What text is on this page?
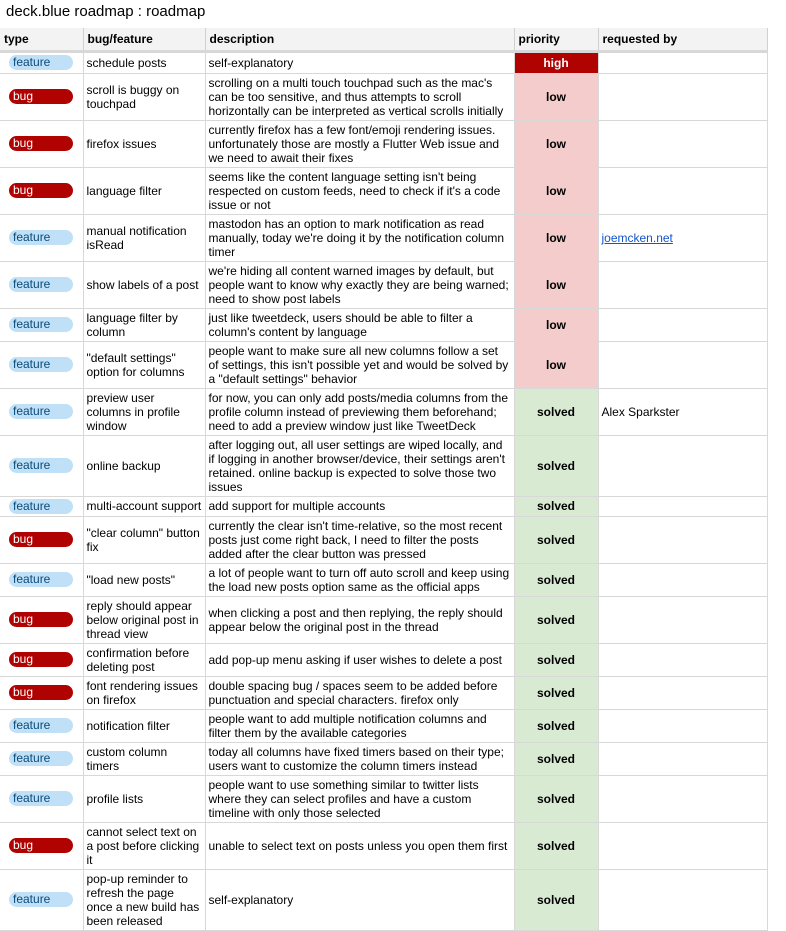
deck.blue roadmap : roadmap
type	bug/feature	description	priority	requested by
feature	schedule posts	self-explanatory	high	
bug	scroll is buggy on touchpad	scrolling on a multi touch touchpad such as the mac's can be too sensitive, and thus attempts to scroll horizontally can be interpreted as vertical scrolls initially	low	
bug	firefox issues	currently firefox has a few font/emoji rendering issues. unfortunately those are mostly a Flutter Web issue and we need to await their fixes	low	
bug	language filter	seems like the content language setting isn't being respected on custom feeds, need to check if it's a code issue or not	low	
feature	manual notification isRead	mastodon has an option to mark notification as read manually, today we're doing it by the notification column timer	low	joemcken.net
feature	show labels of a post	we're hiding all content warned images by default, but people want to know why exactly they are being warned; need to show post labels	low	
feature	language filter by column	just like tweetdeck, users should be able to filter a column's content by language	low	
feature	"default settings" option for columns	people want to make sure all new columns follow a set of settings, this isn't possible yet and would be solved by a "default settings" behavior	low	
feature	preview user columns in profile window	for now, you can only add posts/media columns from the profile column instead of previewing them beforehand; need to add a preview window just like TweetDeck	solved	Alex Sparkster
feature	online backup	after logging out, all user settings are wiped locally, and if logging in another browser/device, their settings aren't retained. online backup is expected to solve those two issues	solved	
feature	multi-account support	add support for multiple accounts	solved	
bug	"clear column" button fix	currently the clear isn't time-relative, so the most recent posts just come right back, I need to filter the posts added after the clear button was pressed	solved	
feature	"load new posts"	a lot of people want to turn off auto scroll and keep using the load new posts option same as the official apps	solved	
bug	reply should appear below original post in thread view	when clicking a post and then replying, the reply should appear below the original post in the thread	solved	
bug	confirmation before deleting post	add pop-up menu asking if user wishes to delete a post	solved	
bug	font rendering issues on firefox	double spacing bug / spaces seem to be added before punctuation and special characters. firefox only	solved	
feature	notification filter	people want to add multiple notification columns and filter them by the available categories	solved	
feature	custom column timers	today all columns have fixed timers based on their type; users want to customize the column timers instead	solved	
feature	profile lists	people want to use something similar to twitter lists where they can select profiles and have a custom timeline with only those selected	solved	
bug	cannot select text on a post before clicking it	unable to select text on posts unless you open them first	solved	
feature	pop-up reminder to refresh the page once a new build has been released	self-explanatory	solved	
